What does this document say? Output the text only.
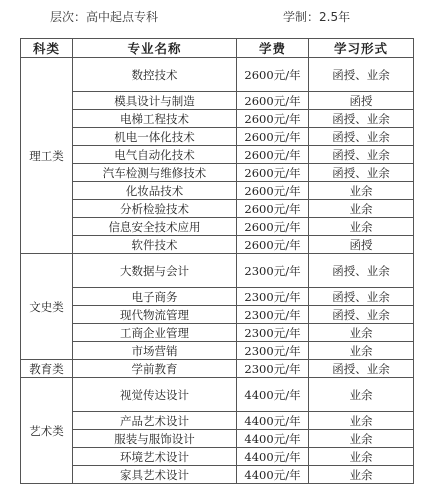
层次：高中起点专科	学制：2.5年
科类	专业名称	学费	学习形式
理工类	数控技术	2600元/年	函授、业余
	模具设计与制造	2600元/年	函授
	电梯工程技术	2600元/年	函授、业余
	机电一体化技术	2600元/年	函授、业余
	电气自动化技术	2600元/年	函授、业余
	汽车检测与维修技术	2600元/年	函授、业余
	化妆品技术	2600元/年	业余
	分析检验技术	2600元/年	业余
	信息安全技术应用	2600元/年	业余
	软件技术	2600元/年	函授
文史类	大数据与会计	2300元/年	函授、业余
	电子商务	2300元/年	函授、业余
	现代物流管理	2300元/年	函授、业余
	工商企业管理	2300元/年	业余
	市场营销	2300元/年	业余
教育类	学前教育	2300元/年	函授、业余
艺术类	视觉传达设计	4400元/年	业余
	产品艺术设计	4400元/年	业余
	服装与服饰设计	4400元/年	业余
	环境艺术设计	4400元/年	业余
	家具艺术设计	4400元/年	业余
